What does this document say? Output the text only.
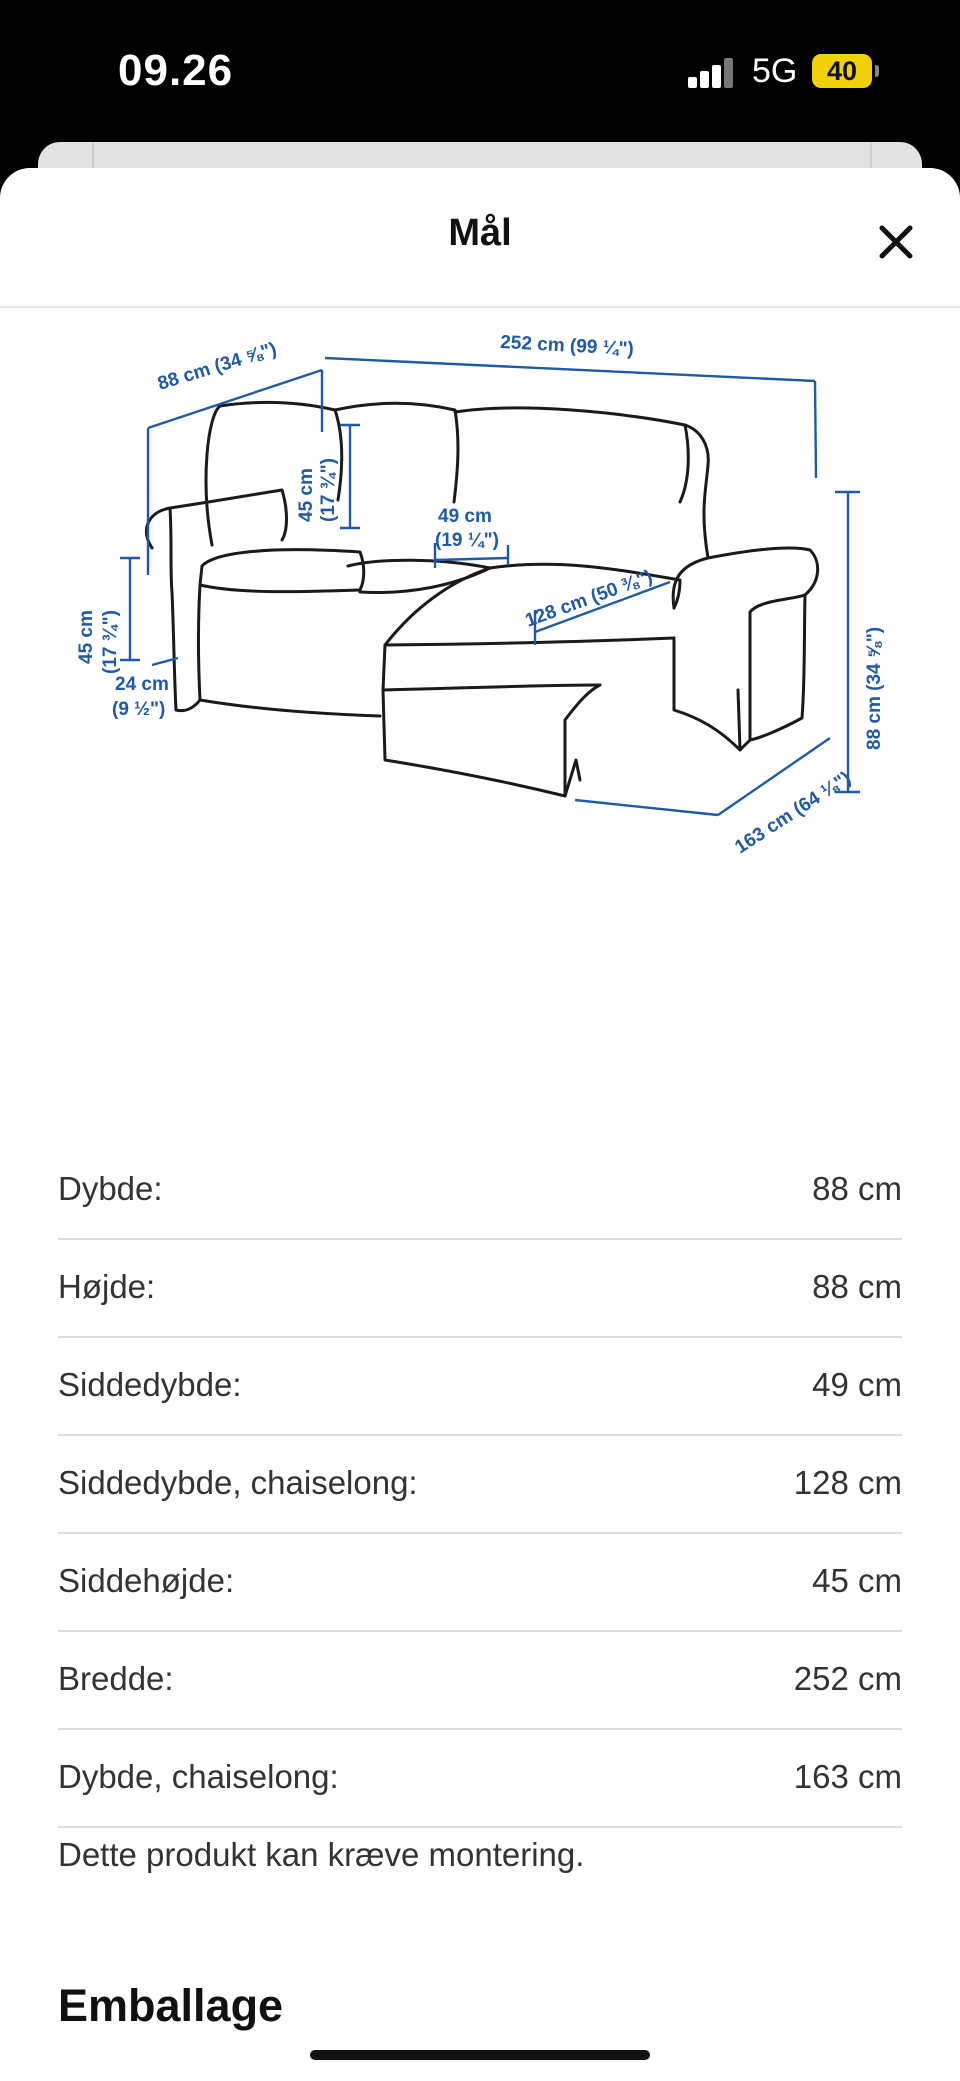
09.26	5G	40
Mål
88 cm (34 ⅝")	252 cm (99 ¼")
88 cm (34 ⅝")
45 cm (17 ¾")	49 cm
(19 ¼")
128 cm (50 ⅜")
45 cm (17 ¾")
24 cm
(9 ½")
163 cm (64 ⅛")
Dybde:	88 cm
Højde:	88 cm
Siddedybde:	49 cm
Siddedybde, chaiselong:	128 cm
Siddehøjde:	45 cm
Bredde:	252 cm
Dybde, chaiselong:	163 cm
Dette produkt kan kræve montering.
Emballage
